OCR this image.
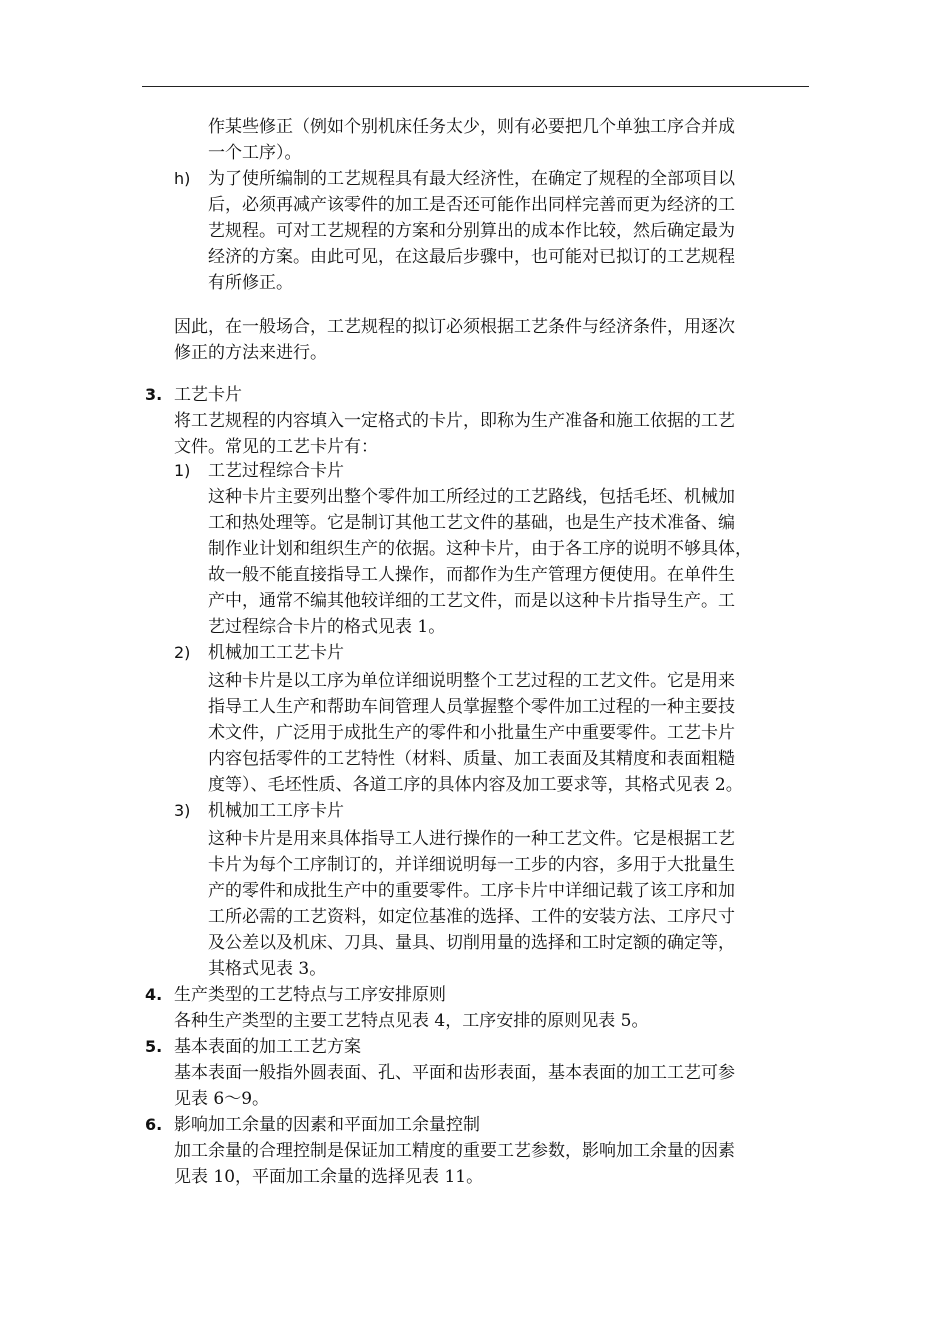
作某些修正（例如个别机床任务太少，则有必要把几个单独工序合并成
一个工序）。
h) 为了使所编制的工艺规程具有最大经济性，在确定了规程的全部项目以
后，必须再减产该零件的加工是否还可能作出同样完善而更为经济的工
艺规程。可对工艺规程的方案和分别算出的成本作比较，然后确定最为
经济的方案。由此可见，在这最后步骤中，也可能对已拟订的工艺规程
有所修正。
因此，在一般场合，工艺规程的拟订必须根据工艺条件与经济条件，用逐次
修正的方法来进行。
3. 工艺卡片
将工艺规程的内容填入一定格式的卡片，即称为生产准备和施工依据的工艺
文件。常见的工艺卡片有：
1) 工艺过程综合卡片
这种卡片主要列出整个零件加工所经过的工艺路线，包括毛坯、机械加
工和热处理等。它是制订其他工艺文件的基础，也是生产技术准备、编
制作业计划和组织生产的依据。这种卡片，由于各工序的说明不够具体，
故一般不能直接指导工人操作，而都作为生产管理方便使用。在单件生
产中，通常不编其他较详细的工艺文件，而是以这种卡片指导生产。工
艺过程综合卡片的格式见表 1。
2) 机械加工工艺卡片
这种卡片是以工序为单位详细说明整个工艺过程的工艺文件。它是用来
指导工人生产和帮助车间管理人员掌握整个零件加工过程的一种主要技
术文件，广泛用于成批生产的零件和小批量生产中重要零件。工艺卡片
内容包括零件的工艺特性（材料、质量、加工表面及其精度和表面粗糙
度等）、毛坯性质、各道工序的具体内容及加工要求等，其格式见表 2。
3) 机械加工工序卡片
这种卡片是用来具体指导工人进行操作的一种工艺文件。它是根据工艺
卡片为每个工序制订的，并详细说明每一工步的内容，多用于大批量生
产的零件和成批生产中的重要零件。工序卡片中详细记载了该工序和加
工所必需的工艺资料，如定位基准的选择、工件的安装方法、工序尺寸
及公差以及机床、刀具、量具、切削用量的选择和工时定额的确定等，
其格式见表 3。
4. 生产类型的工艺特点与工序安排原则
各种生产类型的主要工艺特点见表 4，工序安排的原则见表 5。
5. 基本表面的加工工艺方案
基本表面一般指外圆表面、孔、平面和齿形表面，基本表面的加工工艺可参
见表 6～9。
6. 影响加工余量的因素和平面加工余量控制
加工余量的合理控制是保证加工精度的重要工艺参数，影响加工余量的因素
见表 10，平面加工余量的选择见表 11。
